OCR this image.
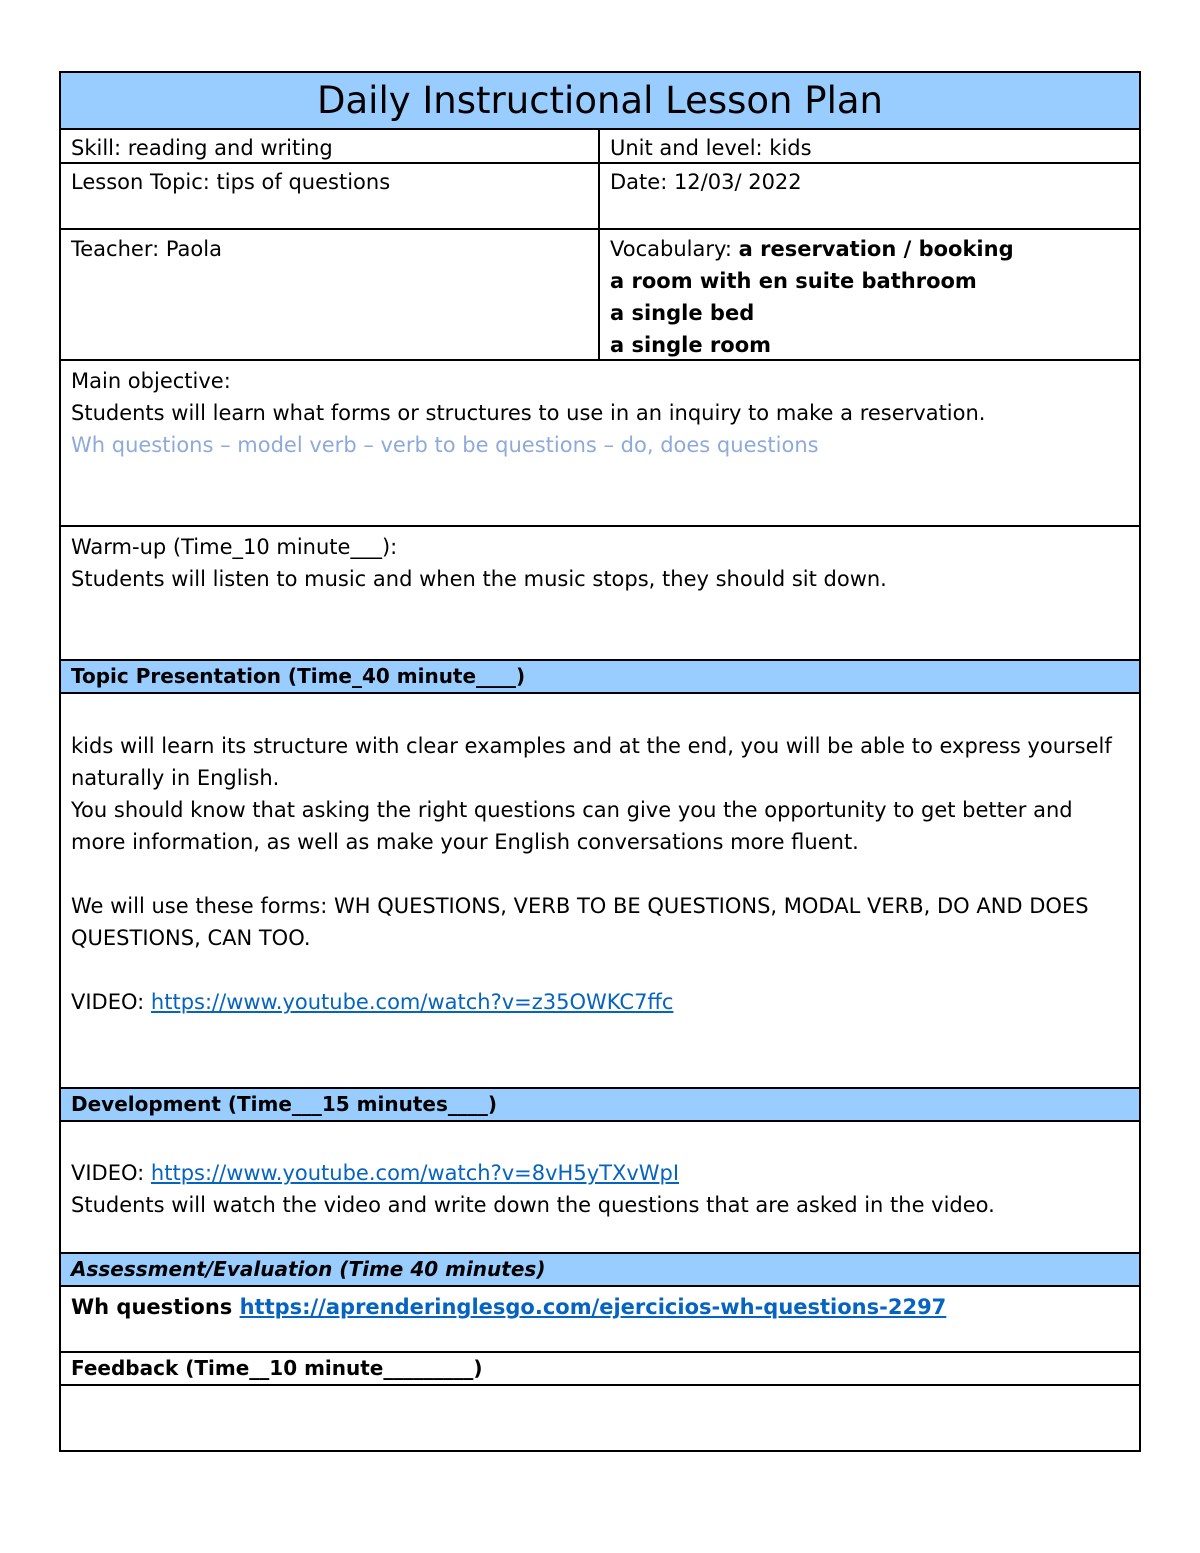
Daily Instructional Lesson Plan
Skill: reading and writing	Unit and level: kids
Lesson Topic: tips of questions	Date: 12/03/ 2022
Teacher: Paola	Vocabulary: a reservation / booking
a room with en suite bathroom
a single bed
a single room

Main objective:

Students will learn what forms or structures to use in an inquiry to make a reservation.

Wh questions – model verb – verb to be questions – do, does questions

Warm-up (Time_10 minute___):

Students will listen to music and when the music stops, they should sit down.

Topic Presentation (Time_40 minute____)

kids will learn its structure with clear examples and at the end, you will be able to express yourself naturally in English.

You should know that asking the right questions can give you the opportunity to get better and more information, as well as make your English conversations more fluent.

We will use these forms: WH QUESTIONS, VERB TO BE QUESTIONS, MODAL VERB, DO AND DOES QUESTIONS, CAN TOO.

VIDEO: https://www.youtube.com/watch?v=z35OWKC7ffc

Development (Time___15 minutes____)

VIDEO: https://www.youtube.com/watch?v=8vH5yTXvWpI

Students will watch the video and write down the questions that are asked in the video.

Assessment/Evaluation (Time 40 minutes)

Wh questions https://aprenderinglesgo.com/ejercicios-wh-questions-2297

Feedback (Time__10 minute_________)
